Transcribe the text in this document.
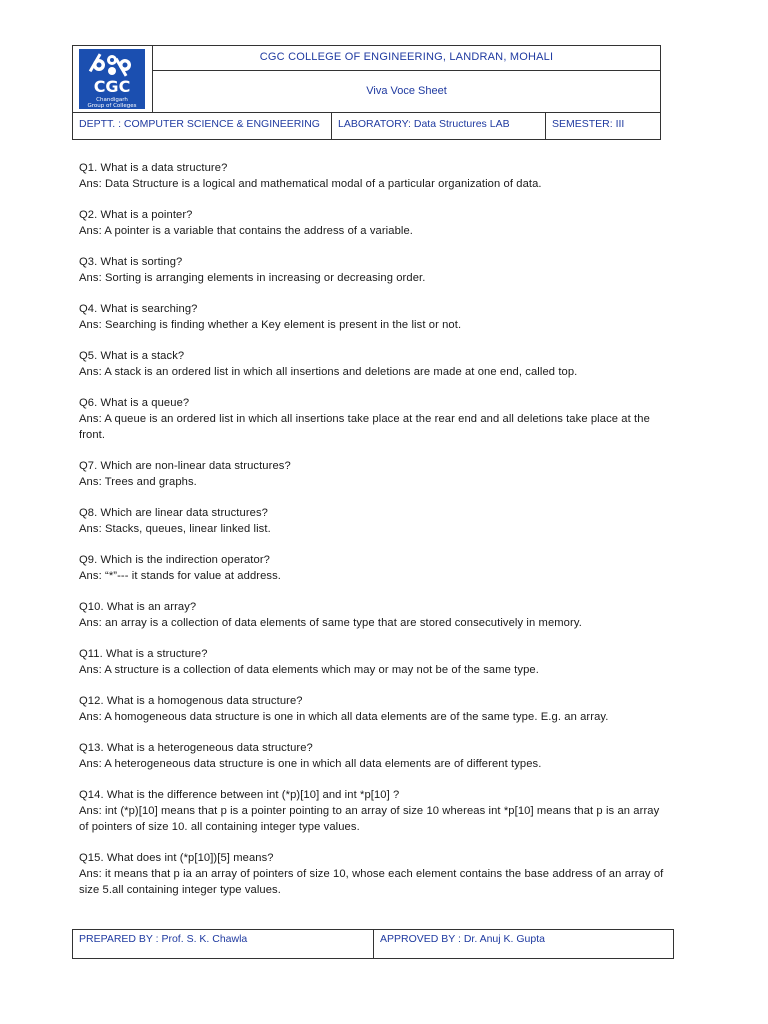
CGC
Chandigarh
Group of Colleges
CGC COLLEGE OF ENGINEERING, LANDRAN, MOHALI
Viva Voce Sheet
DEPTT. : COMPUTER SCIENCE & ENGINEERING	LABORATORY: Data Structures LAB	SEMESTER: III

Q1. What is a data structure?

Ans: Data Structure is a logical and mathematical modal of a particular organization of data.

Q2. What is a pointer?

Ans: A pointer is a variable that contains the address of a variable.

Q3. What is sorting?

Ans: Sorting is arranging elements in increasing or decreasing order.

Q4. What is searching?

Ans: Searching is finding whether a Key element is present in the list or not.

Q5. What is a stack?

Ans: A stack is an ordered list in which all insertions and deletions are made at one end, called top.

Q6. What is a queue?

Ans: A queue is an ordered list in which all insertions take place at the rear end and all deletions take place at the front.

Q7. Which are non-linear data structures?

Ans: Trees and graphs.

Q8. Which are linear data structures?

Ans: Stacks, queues, linear linked list.

Q9. Which is the indirection operator?

Ans: “*”--- it stands for value at address.

Q10. What is an array?

Ans: an array is a collection of data elements of same type that are stored consecutively in memory.

Q11. What is a structure?

Ans: A structure is a collection of data elements which may or may not be of the same type.

Q12. What is a homogenous data structure?

Ans: A homogeneous data structure is one in which all data elements are of the same type. E.g. an array.

Q13. What is a heterogeneous data structure?

Ans: A heterogeneous data structure is one in which all data elements are of different types.

Q14. What is the difference between int (*p)[10] and int *p[10] ?

Ans: int (*p)[10] means that p is a pointer pointing to an array of size 10 whereas int *p[10] means that p is an array of pointers of size 10. all containing integer type values.

Q15. What does int (*p[10])[5] means?

Ans: it means that p ia an array of pointers of size 10, whose each element contains the base address of an array of size 5.all containing integer type values.

PREPARED BY : Prof. S. K. Chawla	APPROVED BY : Dr. Anuj K. Gupta
